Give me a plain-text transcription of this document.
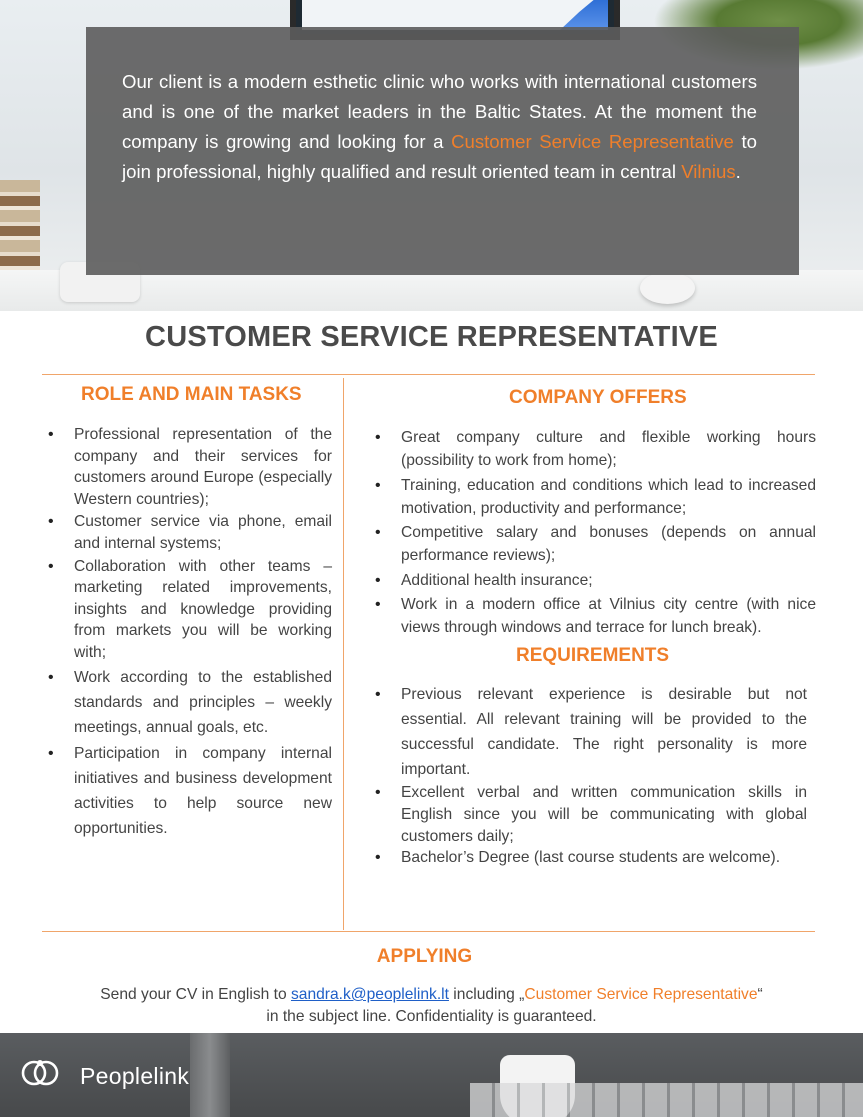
Our client is a modern esthetic clinic who works with international customers and is one of the market leaders in the Baltic States. At the moment the company is growing and looking for a Customer Service Representative to join professional, highly qualified and result oriented team in central Vilnius.

CUSTOMER SERVICE REPRESENTATIVE
ROLE AND MAIN TASKS
• Professional representation of the company and their services for customers around Europe (especially Western countries);
• Customer service via phone, email and internal systems;
• Collaboration with other teams – marketing related improvements, insights and knowledge providing from markets you will be working with;
• Work according to the established standards and principles – weekly meetings, annual goals, etc.
• Participation in company internal initiatives and business development activities to help source new opportunities.
COMPANY OFFERS
• Great company culture and flexible working hours (possibility to work from home);
• Training, education and conditions which lead to increased motivation, productivity and performance;
• Competitive salary and bonuses (depends on annual performance reviews);
• Additional health insurance;
• Work in a modern office at Vilnius city centre (with nice views through windows and terrace for lunch break).
REQUIREMENTS
• Previous relevant experience is desirable but not essential. All relevant training will be provided to the successful candidate. The right personality is more important.
• Excellent verbal and written communication skills in English since you will be communicating with global customers daily;
• Bachelor’s Degree (last course students are welcome).
APPLYING
Send your CV in English to sandra.k@peoplelink.lt including „Customer Service Representative“
in the subject line. Confidentiality is guaranteed.
Peoplelink
